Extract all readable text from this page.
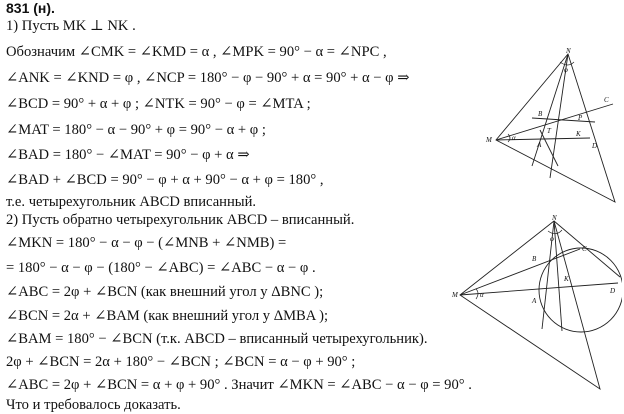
831 (н).
1) Пусть MK ⊥ NK .
Обозначим ∠CMK = ∠KMD = α , ∠MPK = 90° − α = ∠NPC ,
∠ANK = ∠KND = φ , ∠NCP = 180° − φ − 90° + α = 90° + α − φ ⇒
∠BCD = 90° + α + φ ; ∠NTK = 90° − φ = ∠MTA ;
∠MAT = 180° − α − 90° + φ = 90° − α + φ ;
∠BAD = 180° − ∠MAT = 90° − φ + α ⇒
∠BAD + ∠BCD = 90° − φ + α + 90° − α + φ = 180° ,
т.е. четырехугольник ABCD вписанный.
2) Пусть обратно четырехугольник ABCD – вписанный.
∠MKN = 180° − α − φ − (∠MNB + ∠NMB) =
= 180° − α − φ − (180° − ∠ABC) = ∠ABC − α − φ .
∠ABC = 2φ + ∠BCN (как внешний угол у ΔBNC );
∠BCN = 2α + ∠BAM (как внешний угол у ΔMBA );
∠BAM = 180° − ∠BCN (т.к. ABCD – вписанный четырехугольник).
2φ + ∠BCN = 2α + 180° − ∠BCN ; ∠BCN = α − φ + 90° ;
∠ABC = 2φ + ∠BCN = α + φ + 90° . Значит ∠MKN = ∠ABC − α − φ = 90° .
Что и требовалось доказать.
N
M
A
B
C
D
K
P
T
α
φ
N
M
A
B
C
D
K
α
φ
